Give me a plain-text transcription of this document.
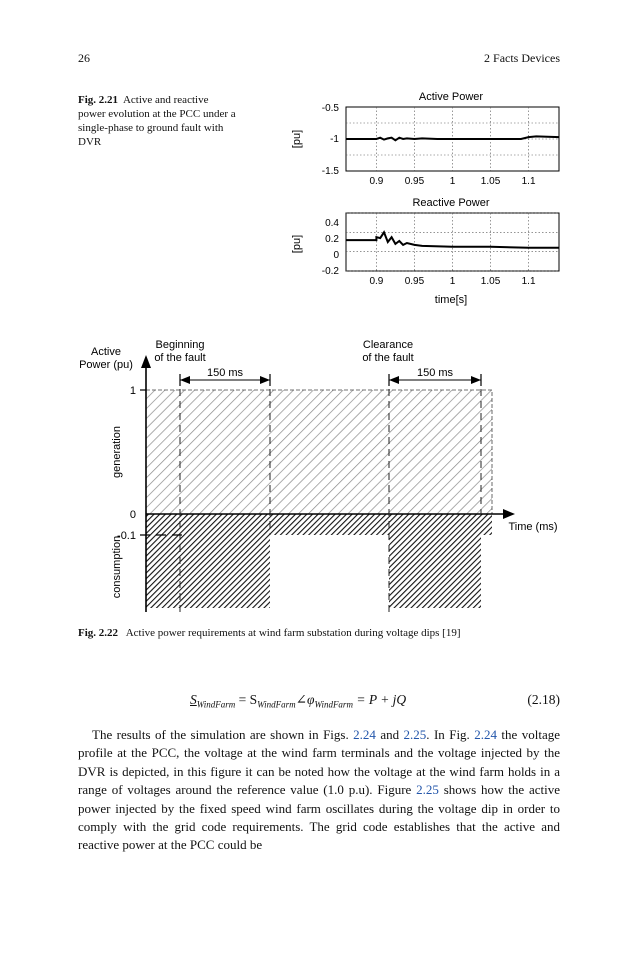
26	2 Facts Devices
Fig. 2.21 Active and reactive power evolution at the PCC under a single-phase to ground fault with DVR
Active Power
[pu]
-0.5
-1
-1.5
0.9 0.95	1	1.05 1.1
Reactive Power
[pu]
0.4
0.2
0
-0.2
0.9 0.95	1	1.05 1.1
time[s]
150 ms	150 ms
Active
Power (pu)
Beginning
of the fault
Clearance
of the fault
1
0
-0.1
generation
consumption
Time (ms)
Fig. 2.22 Active power requirements at wind farm substation during voltage dips [19]
$S_{WindFarm}$ = $S_{WindFarm}\angle\varphi_{WindFarm} = P$ + jQ	(2.18)

The results of the simulation are shown in Figs. 2.24 and 2.25. In Fig. 2.24 the voltage profile at the PCC, the voltage at the wind farm terminals and the voltage injected by the DVR is depicted, in this figure it can be noted how the voltage at the wind farm holds in a range of voltages around the reference value (1.0 p.u). Figure 2.25 shows how the active power injected by the fixed speed wind farm oscillates during the voltage dip in order to comply with the grid code requirements. The grid code establishes that the active and reactive power at the PCC could be
